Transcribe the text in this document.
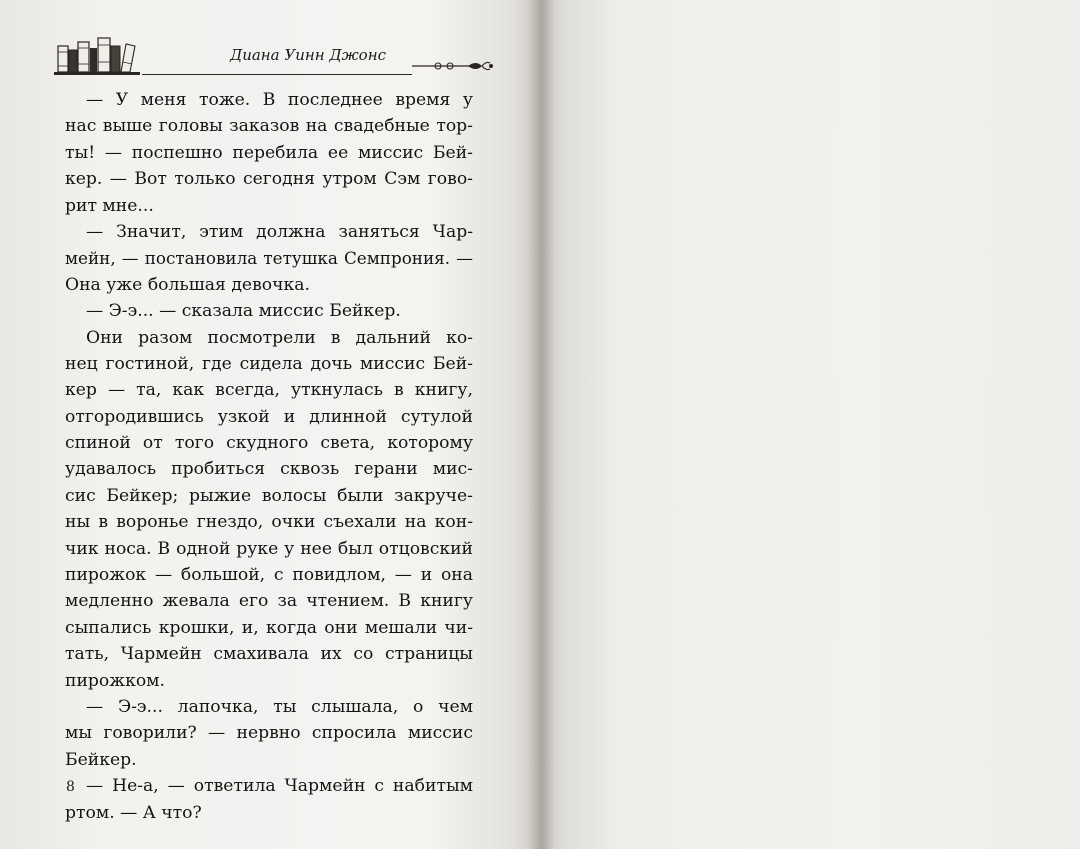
Диана Уинн Джонс
— У меня тоже. В последнее время у
нас выше головы заказов на свадебные тор-
ты! — поспешно перебила ее миссис Бей-
кер. — Вот только сегодня утром Сэм гово-
рит мне...
— Значит, этим должна заняться Чар-
мейн, — постановила тетушка Семпрония. —
Она уже большая девочка.
— Э-э... — сказала миссис Бейкер.
Они разом посмотрели в дальний ко-
нец гостиной, где сидела дочь миссис Бей-
кер — та, как всегда, уткнулась в книгу,
отгородившись узкой и длинной сутулой
спиной от того скудного света, которому
удавалось пробиться сквозь герани мис-
сис Бейкер; рыжие волосы были закруче-
ны в вороньe гнездо, очки съехали на кон-
чик носа. В одной руке у нее был отцовский
пирожок — большой, с повидлом, — и она
медленно жевала его за чтением. В книгу
сыпались крошки, и, когда они мешали чи-
тать, Чармейн смахивала их со страницы
пирожком.
— Э-э... лапочка, ты слышала, о чем
мы говорили? — нервно спросила миссис
Бейкер.
— Не-а, — ответила Чармейн с набитым
ртом. — А что?
8
